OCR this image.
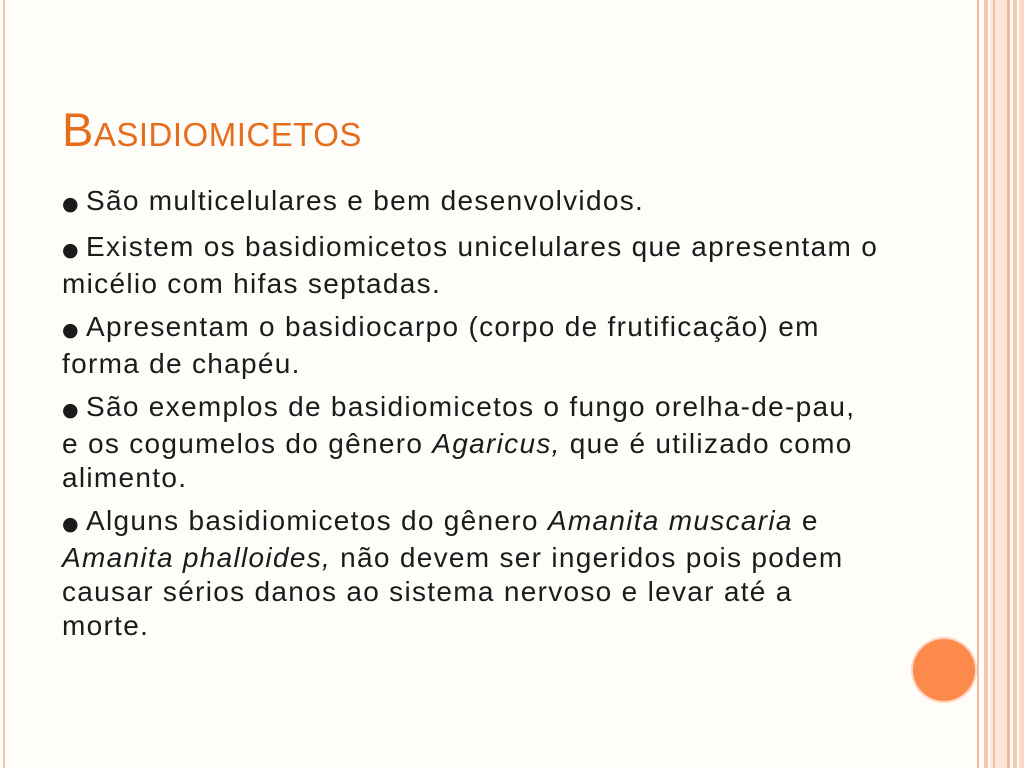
Basidiomicetos

● São multicelulares e bem desenvolvidos.

● Existem os basidiomicetos unicelulares que apresentam o
micélio com hifas septadas.

● Apresentam o basidiocarpo (corpo de frutificação) em
forma de chapéu.

● São exemplos de basidiomicetos o fungo orelha-de-pau,
e os cogumelos do gênero Agaricus, que é utilizado como
alimento.

● Alguns basidiomicetos do gênero Amanita muscaria e
Amanita phalloides, não devem ser ingeridos pois podem
causar sérios danos ao sistema nervoso e levar até a
morte.
